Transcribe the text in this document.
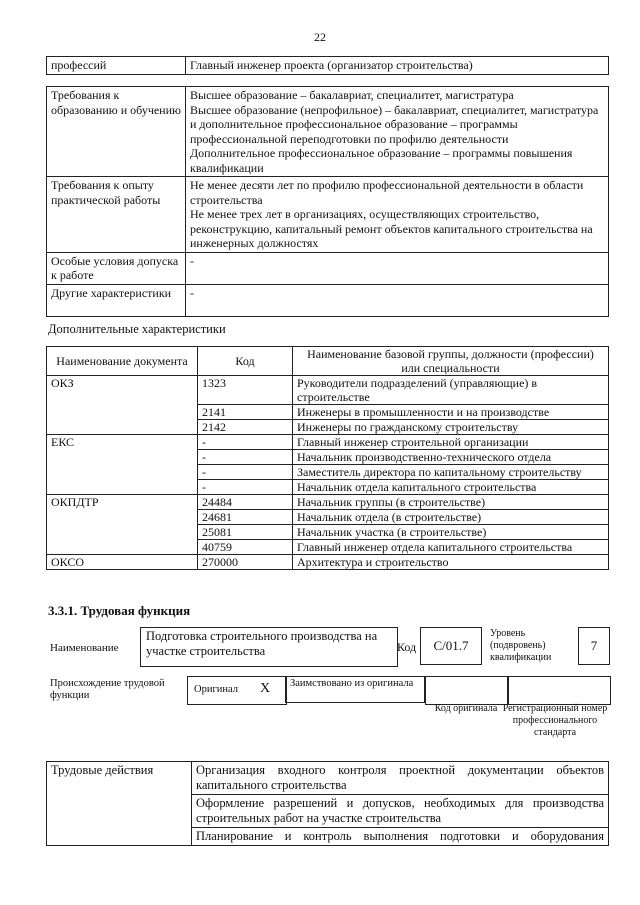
22
профессий	Главный инженер проекта (организатор строительства)
Требования к образованию и обучению	Высшее образование – бакалавриат, специалитет, магистратура
Высшее образование (непрофильное) – бакалавриат, специалитет, магистратура и дополнительное профессиональное образование – программы профессиональной переподготовки по профилю деятельности
Дополнительное профессиональное образование – программы повышения квалификации

Требования к опыту практической работы	Не менее десяти лет по профилю профессиональной деятельности в области строительства
Не менее трех лет в организациях, осуществляющих строительство, реконструкцию, капитальный ремонт объектов капитального строительства на инженерных должностях

Особые условия допуска к работе	-
Другие характеристики	-
Дополнительные характеристики
Наименование документа	Код	Наименование базовой группы, должности (профессии) или специальности
ОКЗ	1323	Руководители подразделений (управляющие) в строительстве
	2141	Инженеры в промышленности и на производстве
	2142	Инженеры по гражданскому строительству
ЕКС	-	Главный инженер строительной организации
	-	Начальник производственно-технического отдела
	-	Заместитель директора по капитальному строительству
	-	Начальник отдела капитального строительства
ОКПДТР	24484	Начальник группы (в строительстве)
	24681	Начальник отдела (в строительстве)
	25081	Начальник участка (в строительстве)
	40759	Главный инженер отдела капитального строительства
ОКСО	270000	Архитектура и строительство
3.3.1. Трудовая функция
Наименование
Подготовка строительного производства на участке строительства	Код	С/01.7
Уровень (подвровень) квалификации
7
Происхождение трудовой функции
Оригинал Х	Заимствовано из оригинала
Код оригинала Регистрационный номер профессионального стандарта
Трудовые действия	Организация входного контроля проектной документации объектов капитального строительства
Оформление разрешений и допусков, необходимых для производства строительных работ на участке строительства
Планирование и контроль выполнения подготовки и оборудования
